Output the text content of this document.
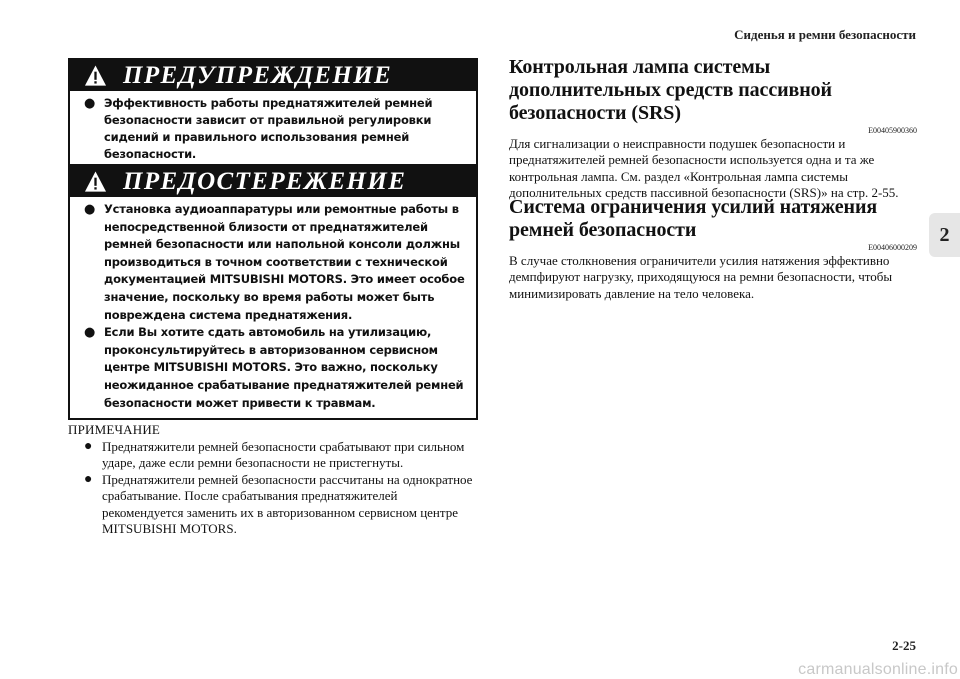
Сиденья и ремни безопасности
2
ПРЕДУПРЕЖДЕНИЕ
● Эффективность работы преднатяжителей ремней безопасности зависит от правильной регулировки сидений и правильного использования ремней безопасности.
ПРЕДОСТЕРЕЖЕНИЕ
● Установка аудиоаппаратуры или ремонтные работы в непосредственной близости от преднатяжителей ремней безопасности или напольной консоли должны производиться в точном соответствии с технической документацией MITSUBISHI MOTORS. Это имеет особое значение, поскольку во время работы может быть повреждена система преднатяжения.
● Если Вы хотите сдать автомобиль на утилизацию, проконсультируйтесь в авторизованном сервисном центре MITSUBISHI MOTORS. Это важно, поскольку неожиданное срабатывание преднатяжителей ремней безопасности может привести к травмам.
ПРИМЕЧАНИЕ
● Преднатяжители ремней безопасности срабатывают при сильном ударе, даже если ремни безопасности не пристегнуты.
● Преднатяжители ремней безопасности рассчитаны на однократное срабатывание. После срабатывания преднатяжителей рекомендуется заменить их в авторизованном сервисном центре MITSUBISHI MOTORS.
Контрольная лампа системы дополнительных средств пассивной безопасности (SRS)
E00405900360
Для сигнализации о неисправности подушек безопасности и преднатяжителей ремней безопасности используется одна и та же контрольная лампа. См. раздел «Контрольная лампа системы дополнительных средств пассивной безопасности (SRS)» на стр. 2-55.
Система ограничения усилий натяжения ремней безопасности
E00406000209
В случае столкновения ограничители усилия натяжения эффективно демпфируют нагрузку, приходящуюся на ремни безопасности, чтобы минимизировать давление на тело человека.
2-25
carmanualsonline.info
